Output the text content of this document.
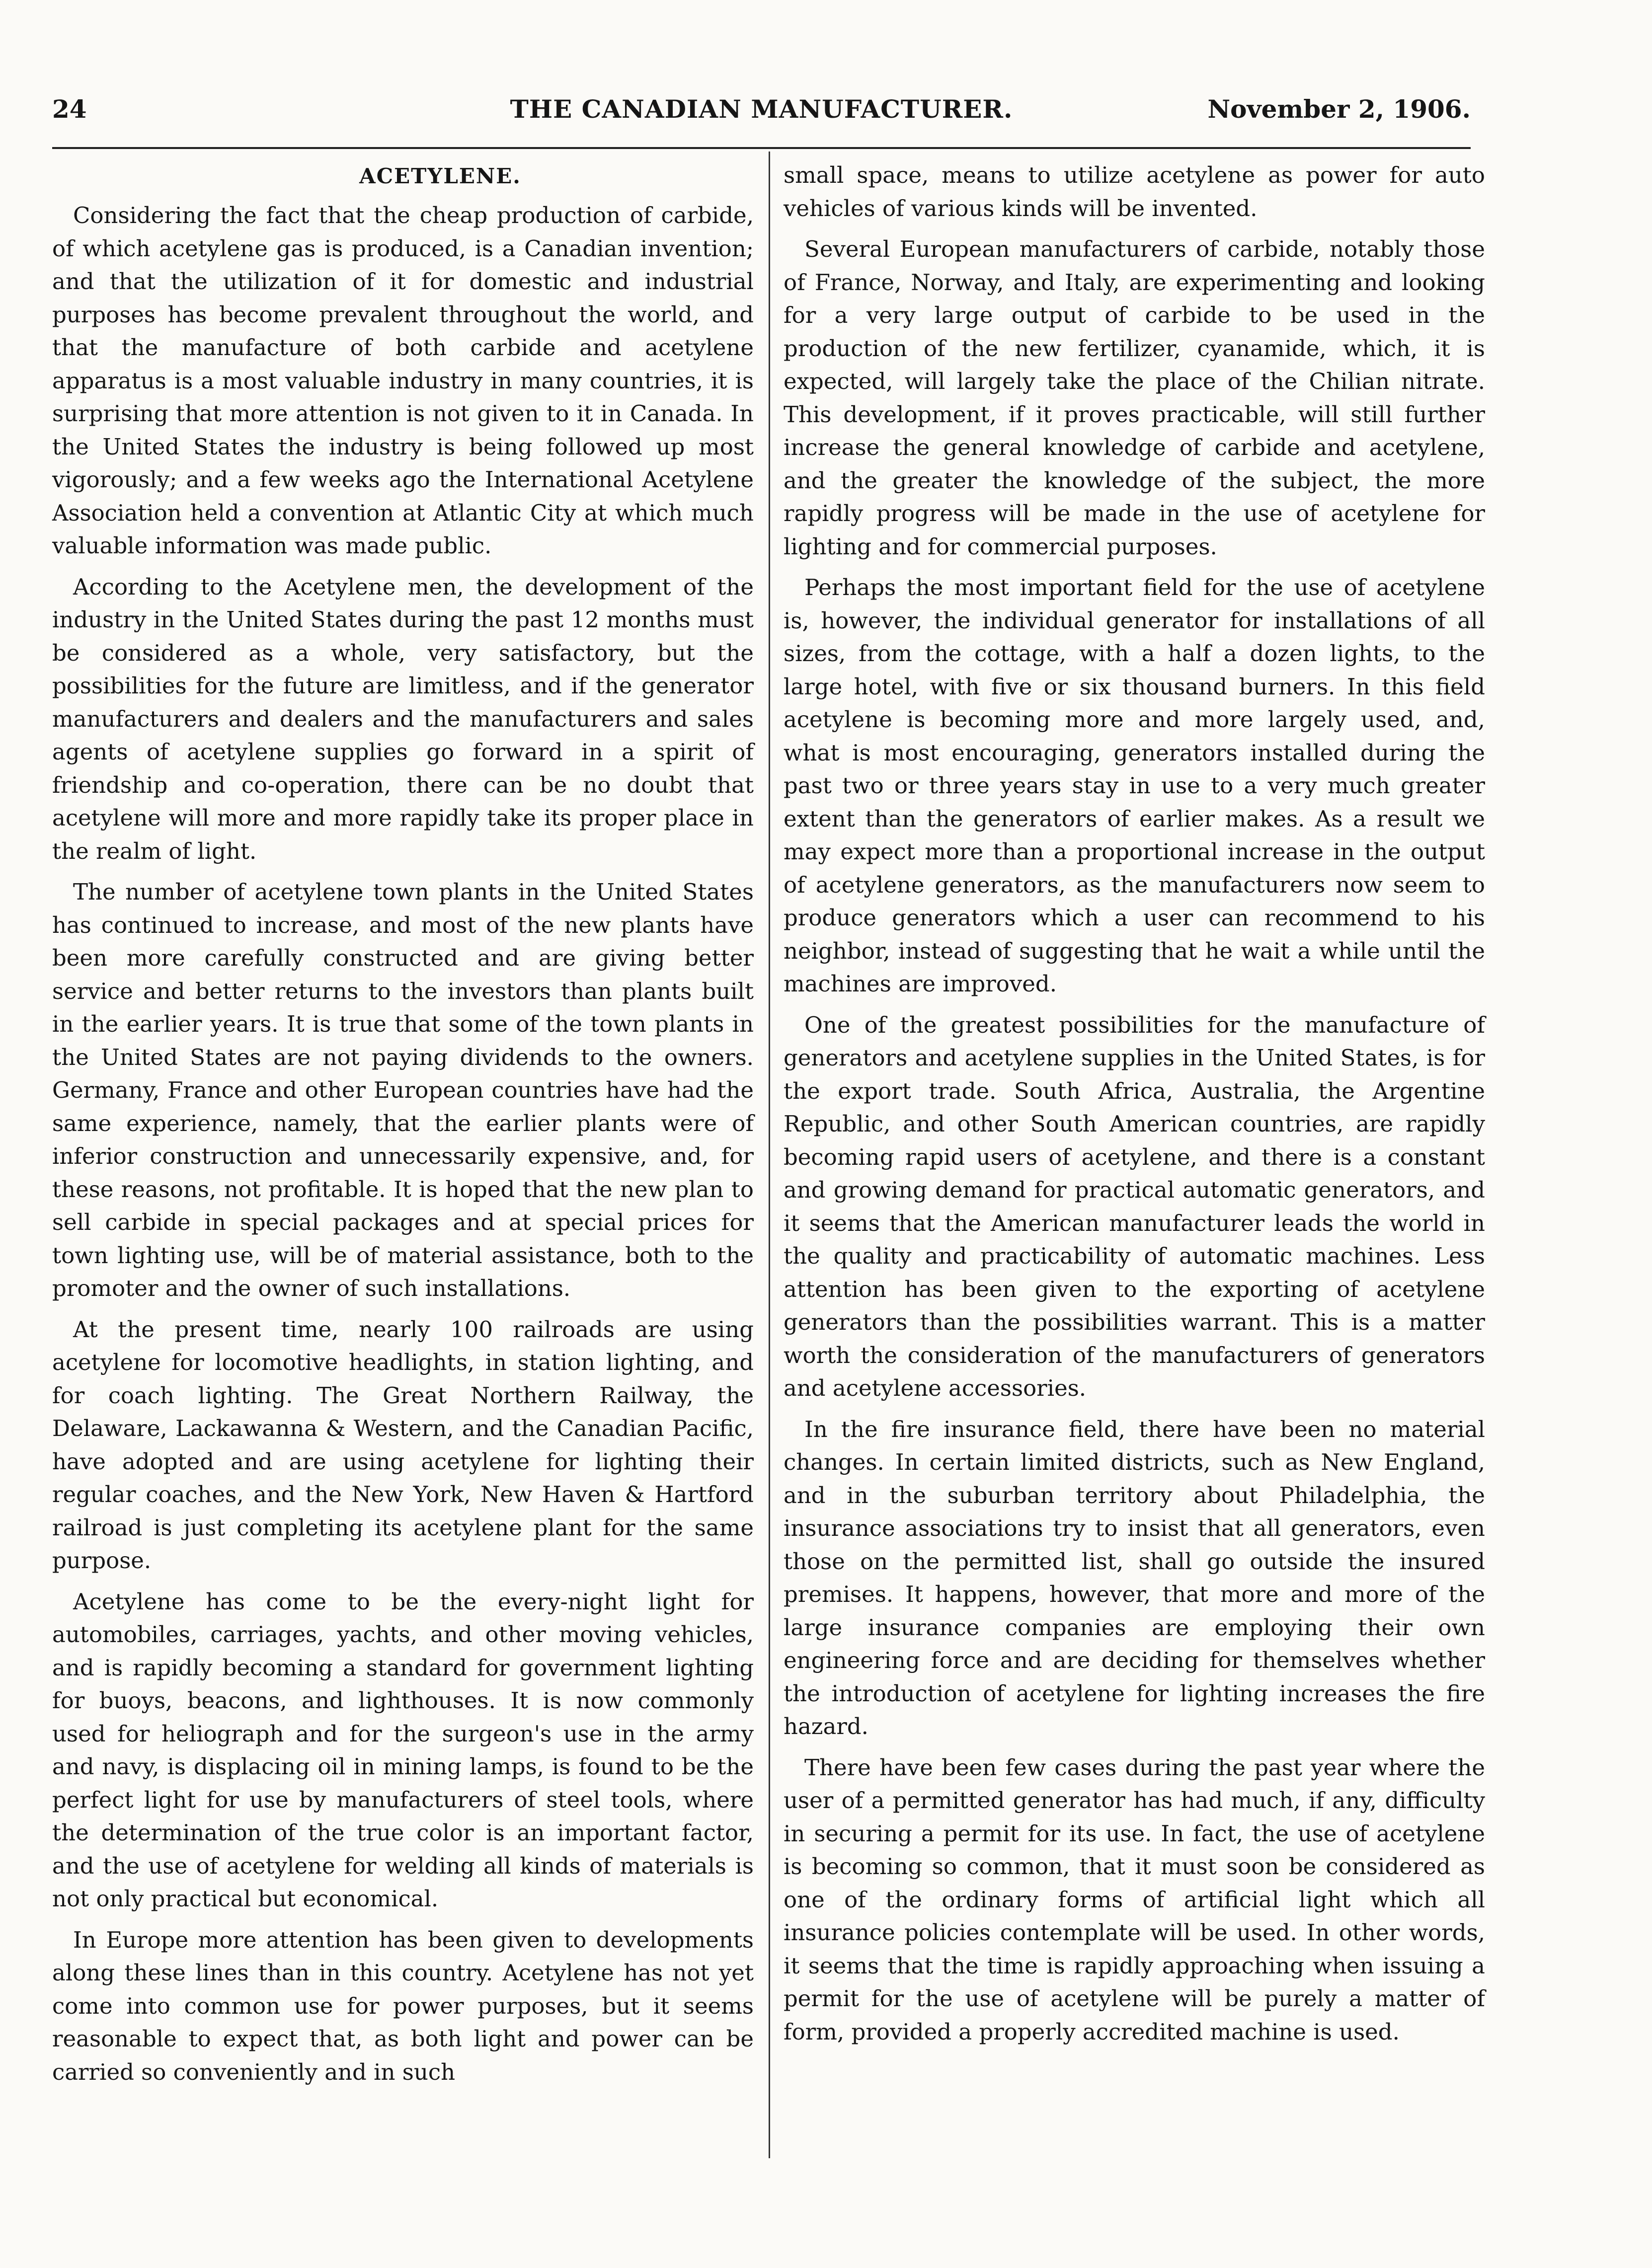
THE CANADIAN MANUFACTURER.
24	November 2, 1906.
ACETYLENE.

Considering the fact that the cheap production of carbide, of which acetylene gas is produced, is a Canadian invention; and that the utilization of it for domestic and industrial purposes has become prevalent throughout the world, and that the manufacture of both carbide and acetylene apparatus is a most valuable industry in many countries, it is surprising that more attention is not given to it in Canada. In the United States the industry is being followed up most vigorously; and a few weeks ago the International Acetylene Association held a convention at Atlantic City at which much valuable information was made public.

According to the Acetylene men, the development of the industry in the United States during the past 12 months must be considered as a whole, very satisfactory, but the possibilities for the future are limitless, and if the generator manufacturers and dealers and the manufacturers and sales agents of acetylene supplies go forward in a spirit of friendship and co-operation, there can be no doubt that acetylene will more and more rapidly take its proper place in the realm of light.

The number of acetylene town plants in the United States has continued to increase, and most of the new plants have been more carefully constructed and are giving better service and better returns to the investors than plants built in the earlier years. It is true that some of the town plants in the United States are not paying dividends to the owners. Germany, France and other European countries have had the same experience, namely, that the earlier plants were of inferior construction and unnecessarily expensive, and, for these reasons, not profitable. It is hoped that the new plan to sell carbide in special packages and at special prices for town lighting use, will be of material assistance, both to the promoter and the owner of such installations.

At the present time, nearly 100 railroads are using acetylene for locomotive headlights, in station lighting, and for coach lighting. The Great Northern Railway, the Delaware, Lackawanna & Western, and the Canadian Pacific, have adopted and are using acetylene for lighting their regular coaches, and the New York, New Haven & Hartford railroad is just completing its acetylene plant for the same purpose.

Acetylene has come to be the every-night light for automobiles, carriages, yachts, and other moving vehicles, and is rapidly becoming a standard for government lighting for buoys, beacons, and lighthouses. It is now commonly used for heliograph and for the surgeon's use in the army and navy, is displacing oil in mining lamps, is found to be the perfect light for use by manufacturers of steel tools, where the determination of the true color is an important factor, and the use of acetylene for welding all kinds of materials is not only practical but economical.

In Europe more attention has been given to developments along these lines than in this country. Acetylene has not yet come into common use for power purposes, but it seems reasonable to expect that, as both light and power can be carried so conveniently and in such

small space, means to utilize acetylene as power for auto vehicles of various kinds will be invented.

Several European manufacturers of carbide, notably those of France, Norway, and Italy, are experimenting and looking for a very large output of carbide to be used in the production of the new fertilizer, cyanamide, which, it is expected, will largely take the place of the Chilian nitrate. This development, if it proves practicable, will still further increase the general knowledge of carbide and acetylene, and the greater the knowledge of the subject, the more rapidly progress will be made in the use of acetylene for lighting and for commercial purposes.

Perhaps the most important field for the use of acetylene is, however, the individual generator for installations of all sizes, from the cottage, with a half a dozen lights, to the large hotel, with five or six thousand burners. In this field acetylene is becoming more and more largely used, and, what is most encouraging, generators installed during the past two or three years stay in use to a very much greater extent than the generators of earlier makes. As a result we may expect more than a proportional increase in the output of acetylene generators, as the manufacturers now seem to produce generators which a user can recommend to his neighbor, instead of suggesting that he wait a while until the machines are improved.

One of the greatest possibilities for the manufacture of generators and acetylene supplies in the United States, is for the export trade. South Africa, Australia, the Argentine Republic, and other South American countries, are rapidly becoming rapid users of acetylene, and there is a constant and growing demand for practical automatic generators, and it seems that the American manufacturer leads the world in the quality and practicability of automatic machines. Less attention has been given to the exporting of acetylene generators than the possibilities warrant. This is a matter worth the consideration of the manufacturers of generators and acetylene accessories.

In the fire insurance field, there have been no material changes. In certain limited districts, such as New England, and in the suburban territory about Philadelphia, the insurance associations try to insist that all generators, even those on the permitted list, shall go outside the insured premises. It happens, however, that more and more of the large insurance companies are employing their own engineering force and are deciding for themselves whether the introduction of acetylene for lighting increases the fire hazard.

There have been few cases during the past year where the user of a permitted generator has had much, if any, difficulty in securing a permit for its use. In fact, the use of acetylene is becoming so common, that it must soon be considered as one of the ordinary forms of artificial light which all insurance policies contemplate will be used. In other words, it seems that the time is rapidly approaching when issuing a permit for the use of acetylene will be purely a matter of form, provided a properly accredited machine is used.
